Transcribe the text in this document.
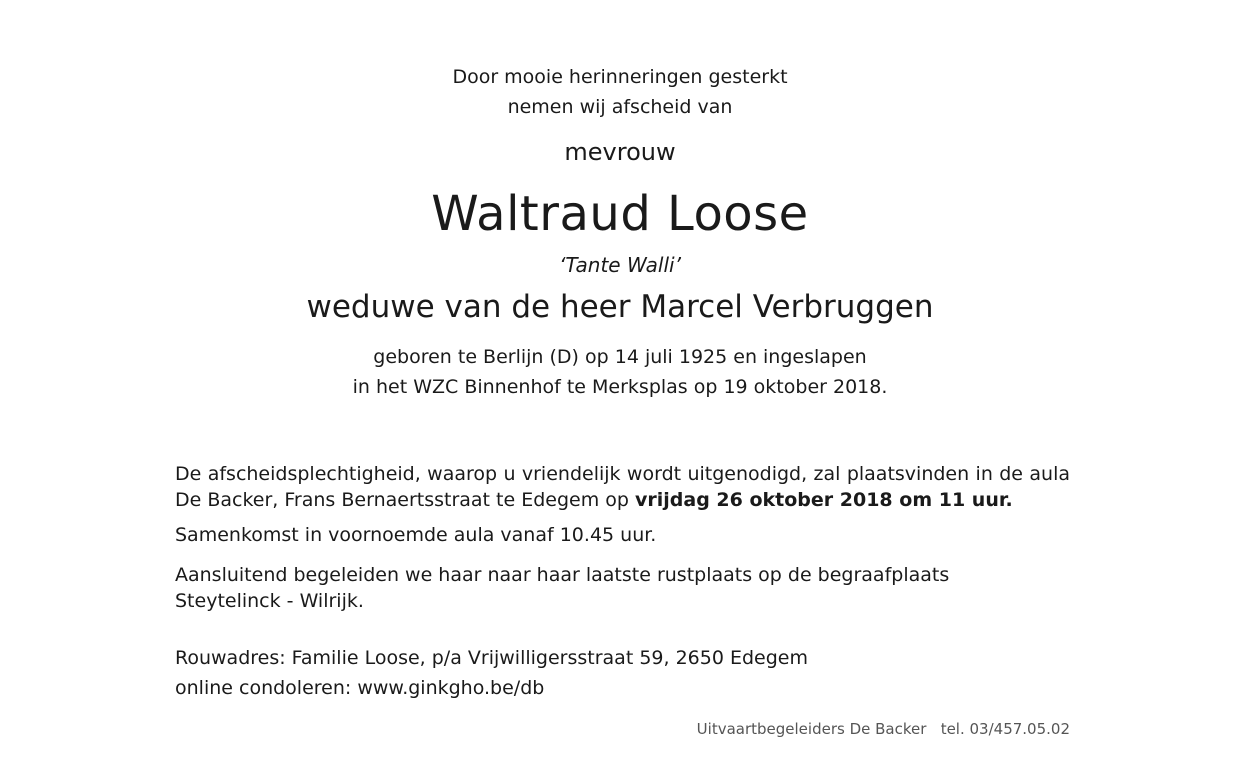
Door mooie herinneringen gesterkt
nemen wij afscheid van
mevrouw
Waltraud Loose
‘Tante Walli’
weduwe van de heer Marcel Verbruggen
geboren te Berlijn (D) op 14 juli 1925 en ingeslapen
in het WZC Binnenhof te Merksplas op 19 oktober 2018.
De afscheidsplechtigheid, waarop u vriendelijk wordt uitgenodigd, zal plaatsvinden in de aula De Backer, Frans Bernaertsstraat te Edegem op vrijdag 26 oktober 2018 om 11 uur.
Samenkomst in voornoemde aula vanaf 10.45 uur.
Aansluitend begeleiden we haar naar haar laatste rustplaats op de begraafplaats Steytelinck - Wilrijk.
Rouwadres: Familie Loose, p/a Vrijwilligersstraat 59, 2650 Edegem
online condoleren: www.ginkgho.be/db
Uitvaartbegeleiders De Backer   tel. 03/457.05.02
